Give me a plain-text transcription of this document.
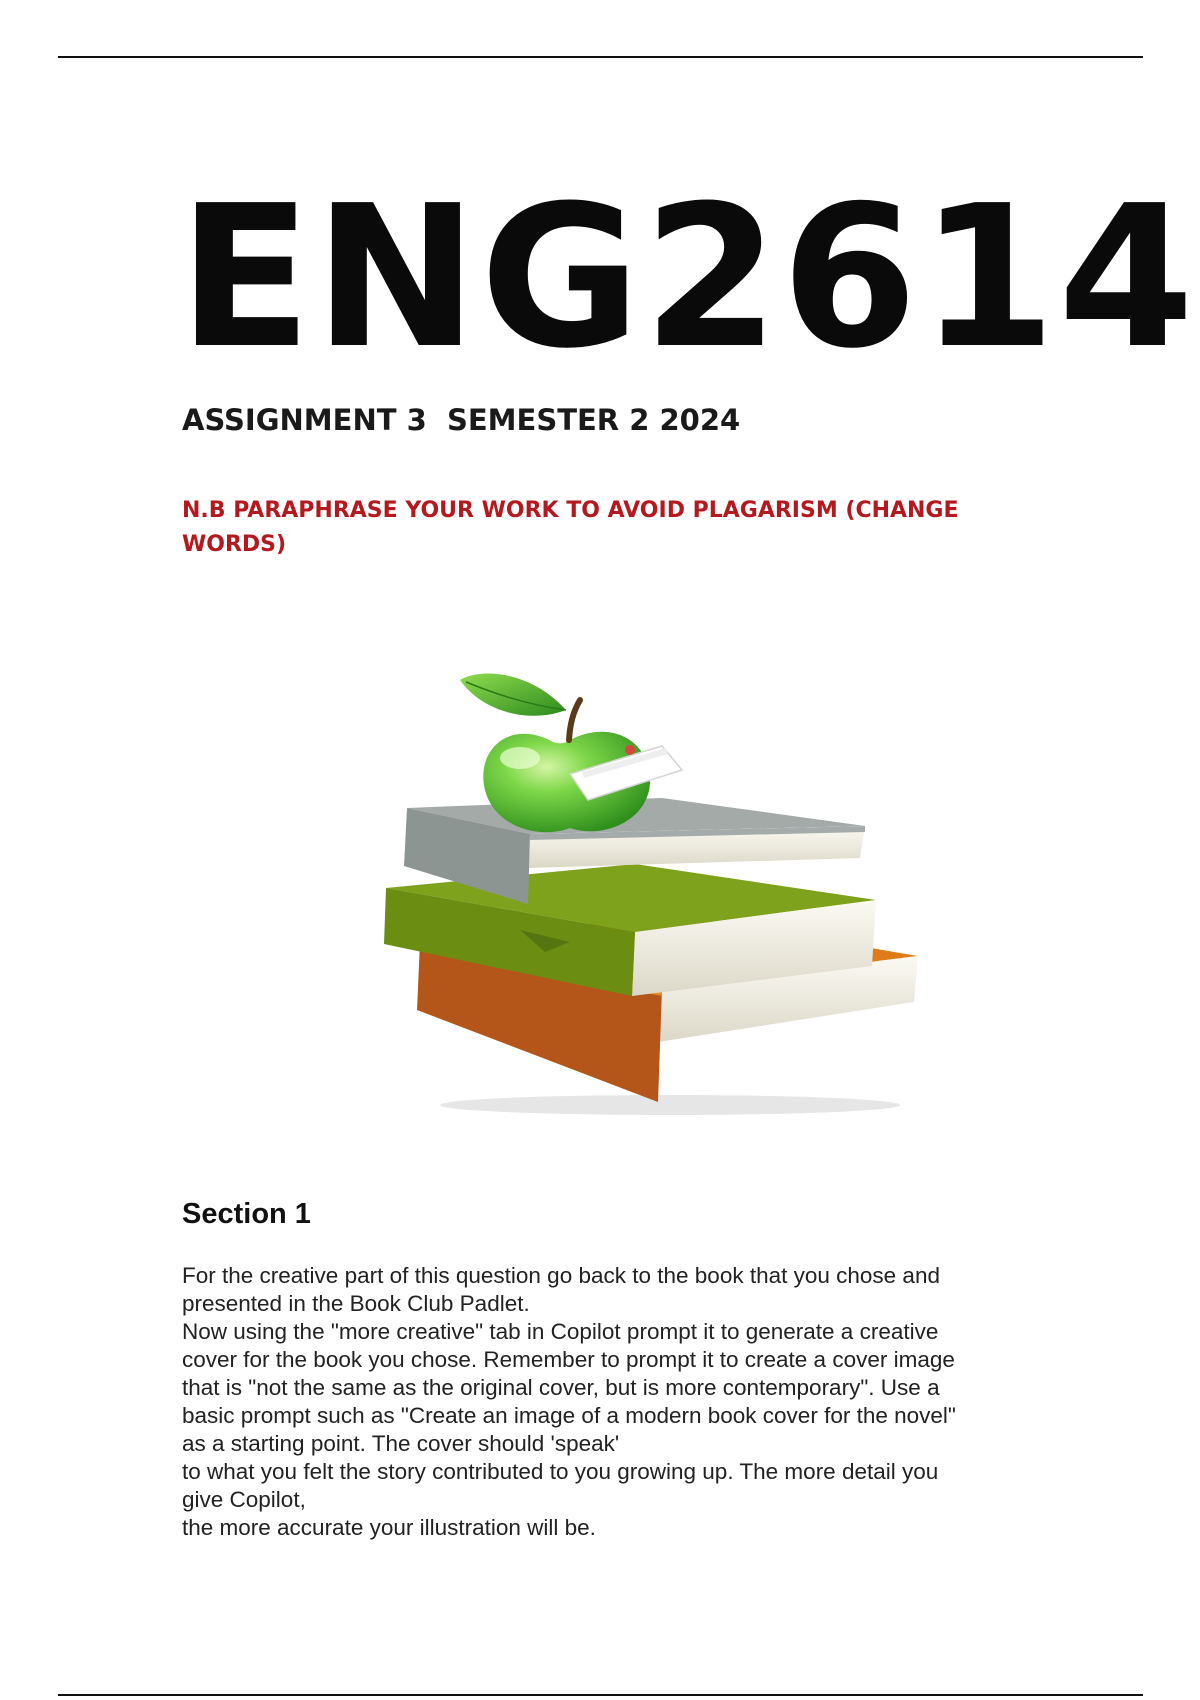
ENG2614
ASSIGNMENT 3  SEMESTER 2 2024

N.B PARAPHRASE YOUR WORK TO AVOID PLAGARISM (CHANGE WORDS)

Section 1
For the creative part of this question go back to the book that you chose and
presented in the Book Club Padlet.
Now using the "more creative" tab in Copilot prompt it to generate a creative
cover for the book you chose. Remember to prompt it to create a cover image
that is "not the same as the original cover, but is more contemporary". Use a
basic prompt such as "Create an image of a modern book cover for the novel"
as a starting point. The cover should 'speak'
to what you felt the story contributed to you growing up. The more detail you
give Copilot,
the more accurate your illustration will be.
